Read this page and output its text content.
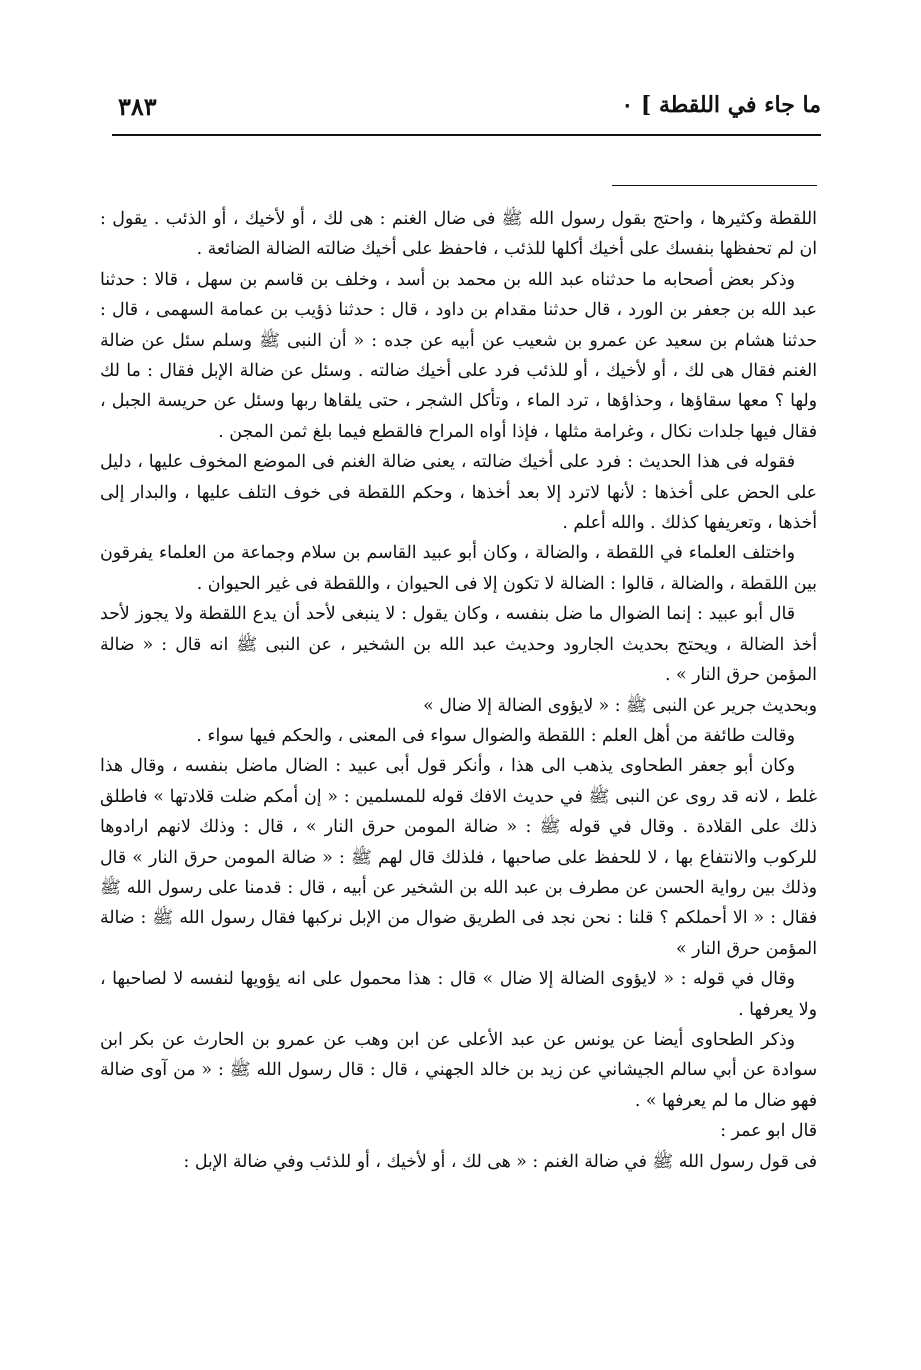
ما جاء في اللقطة ] ٠
٣٨٣

اللقطة وكثيرها ، واحتج بقول رسول الله ﷺ فى ضال الغنم : هى لك ، أو لأخيك ، أو الذئب . يقول : ان لم تحفظها بنفسك على أخيك أكلها للذئب ، فاحفظ على أخيك ضالته الضالة الضائعة .

وذكر بعض أصحابه ما حدثناه عبد الله بن محمد بن أسد ، وخلف بن قاسم بن سهل ، قالا : حدثنا عبد الله بن جعفر بن الورد ، قال حدثنا مقدام بن داود ، قال : حدثنا ذؤيب بن عمامة السهمى ، قال : حدثنا هشام بن سعيد عن عمرو بن شعيب عن أبيه عن جده : « أن النبى ﷺ وسلم سئل عن ضالة الغنم فقال هى لك ، أو لأخيك ، أو للذئب فرد على أخيك ضالته . وسئل عن ضالة الإبل فقال : ما لك ولها ؟ معها سقاؤها ، وحذاؤها ، ترد الماء ، وتأكل الشجر ، حتى يلقاها ربها وسئل عن حريسة الجبل ، فقال فيها جلدات نكال ، وغرامة مثلها ، فإذا أواه المراح فالقطع فيما بلغ ثمن المجن .

فقوله فى هذا الحديث : فرد على أخيك ضالته ، يعنى ضالة الغنم فى الموضع المخوف عليها ، دليل على الحض على أخذها : لأنها لاترد إلا بعد أخذها ، وحكم اللقطة فى خوف التلف عليها ، والبدار إلى أخذها ، وتعريفها كذلك . والله أعلم .

واختلف العلماء في اللقطة ، والضالة ، وكان أبو عبيد القاسم بن سلام وجماعة من العلماء يفرقون بين اللقطة ، والضالة ، قالوا : الضالة لا تكون إلا فى الحيوان ، واللقطة فى غير الحيوان .

قال أبو عبيد : إنما الضوال ما ضل بنفسه ، وكان يقول : لا ينبغى لأحد أن يدع اللقطة ولا يجوز لأحد أخذ الضالة ، ويحتج بحديث الجارود وحديث عبد الله بن الشخير ، عن النبى ﷺ انه قال : « ضالة المؤمن حرق النار » .

وبحديث جرير عن النبى ﷺ : « لايؤوى الضالة إلا ضال »

وقالت طائفة من أهل العلم : اللقطة والضوال سواء فى المعنى ، والحكم فيها سواء .

وكان أبو جعفر الطحاوى يذهب الى هذا ، وأنكر قول أبى عبيد : الضال ماضل بنفسه ، وقال هذا غلط ، لانه قد روى عن النبى ﷺ في حديث الافك قوله للمسلمين : « إن أمكم ضلت قلادتها » فاطلق ذلك على القلادة . وقال في قوله ﷺ : « ضالة المومن حرق النار » ، قال : وذلك لانهم ارادوها للركوب والانتفاع بها ، لا للحفظ على صاحبها ، فلذلك قال لهم ﷺ : « ضالة المومن حرق النار » قال وذلك بين رواية الحسن عن مطرف بن عبد الله بن الشخير عن أبيه ، قال : قدمنا على رسول الله ﷺ فقال : « الا أحملكم ؟ قلنا : نحن نجد فى الطريق ضوال من الإبل نركبها فقال رسول الله ﷺ : ضالة المؤمن حرق النار »

وقال في قوله : « لايؤوى الضالة إلا ضال » قال : هذا محمول على انه يؤويها لنفسه لا لصاحبها ، ولا يعرفها .

وذكر الطحاوى أيضا عن يونس عن عبد الأعلى عن ابن وهب عن عمرو بن الحارث عن بكر ابن سوادة عن أبي سالم الجيشاني عن زيد بن خالد الجهني ، قال : قال رسول الله ﷺ : « من آوى ضالة فهو ضال ما لم يعرفها » .

قال ابو عمر :

فى قول رسول الله ﷺ في ضالة الغنم : « هى لك ، أو لأخيك ، أو للذئب وفي ضالة الإبل :
